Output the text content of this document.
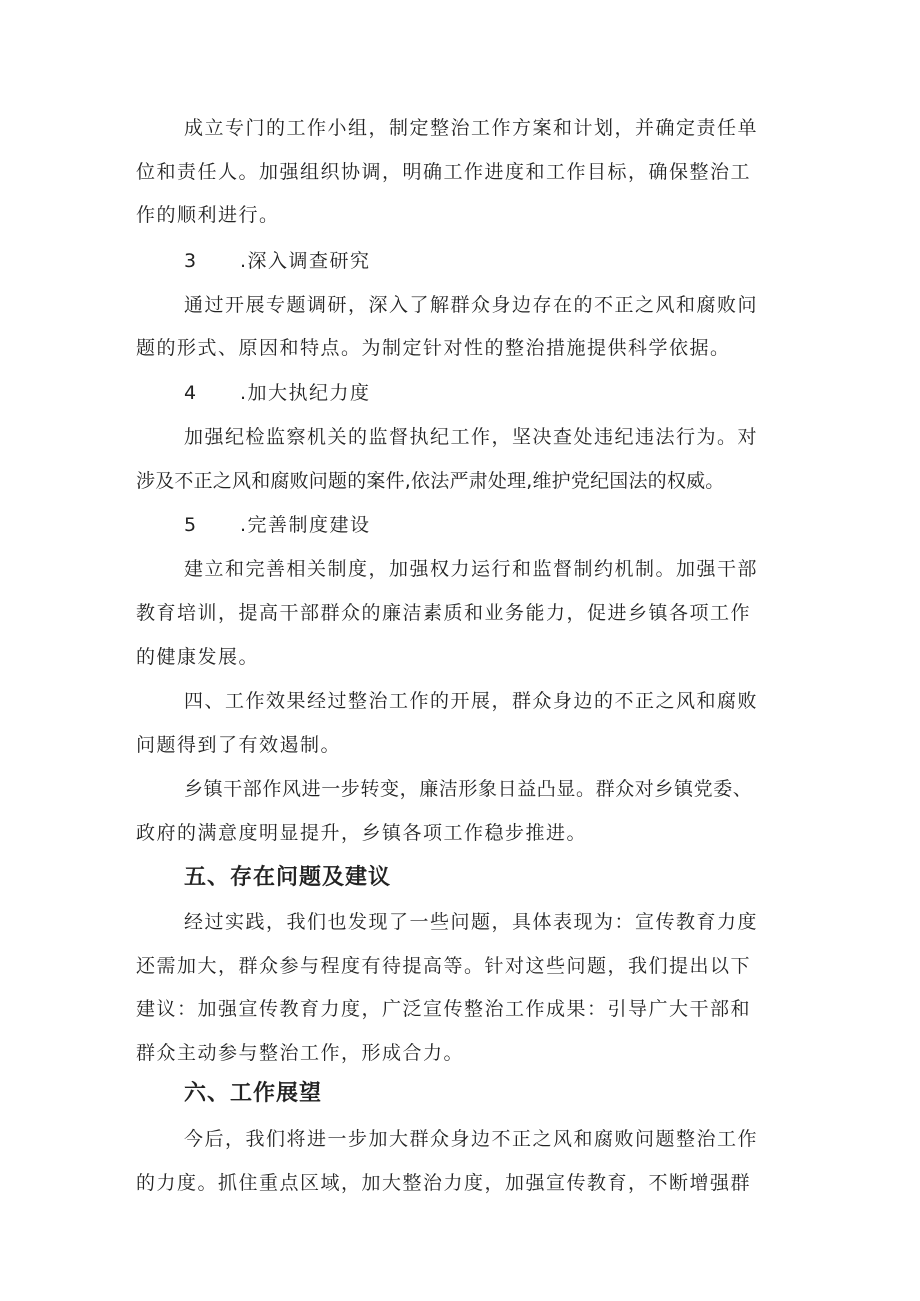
成立专门的工作小组，制定整治工作方案和计划，并确定责任单
位和责任人。加强组织协调，明确工作进度和工作目标，确保整治工
作的顺利进行。
3 .深入调查研究
通过开展专题调研，深入了解群众身边存在的不正之风和腐败问
题的形式、原因和特点。为制定针对性的整治措施提供科学依据。
4 .加大执纪力度
加强纪检监察机关的监督执纪工作，坚决查处违纪违法行为。对
涉及不正之风和腐败问题的案件,依法严肃处理,维护党纪国法的权威。
5 .完善制度建设
建立和完善相关制度，加强权力运行和监督制约机制。加强干部
教育培训，提高干部群众的廉洁素质和业务能力，促进乡镇各项工作
的健康发展。
四、工作效果经过整治工作的开展，群众身边的不正之风和腐败
问题得到了有效遏制。
乡镇干部作风进一步转变，廉洁形象日益凸显。群众对乡镇党委、
政府的满意度明显提升，乡镇各项工作稳步推进。
五、存在问题及建议
经过实践，我们也发现了一些问题，具体表现为：宣传教育力度
还需加大，群众参与程度有待提高等。针对这些问题，我们提出以下
建议：加强宣传教育力度，广泛宣传整治工作成果：引导广大干部和
群众主动参与整治工作，形成合力。
六、工作展望
今后，我们将进一步加大群众身边不正之风和腐败问题整治工作
的力度。抓住重点区域，加大整治力度，加强宣传教育，不断增强群
